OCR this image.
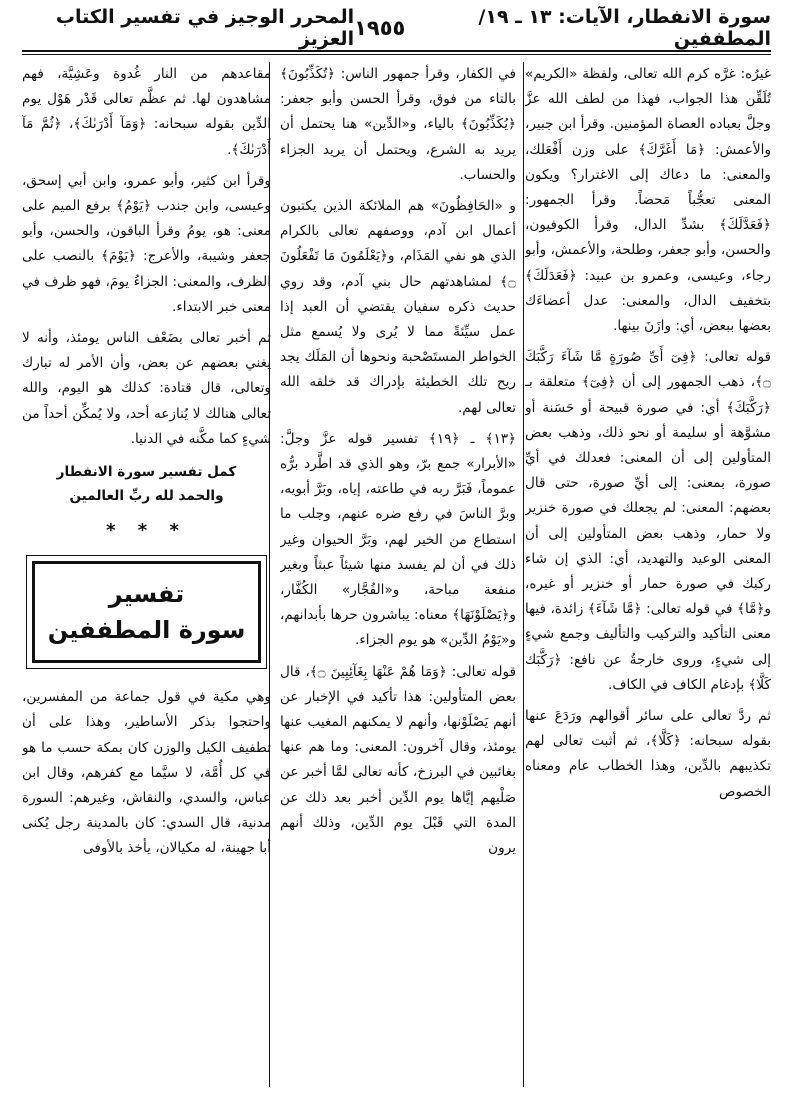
سورة الانفطار، الآيات: ١٣ ـ ١٩/ المطففين
١٩٥٥
المحرر الوجيز في تفسير الكتاب العزيز

غيرُه: غرَّه كرم الله تعالى، ولفظة «الكريم» تُلَقِّن هذا الجواب، فهذا من لطف الله عزَّ وجلَّ بعباده العصاة المؤمنين. وقرأ ابن جبير، والأعمش: ﴿مَا أَغَرَّكَ﴾ على وزن أَفْعَلك، والمعنى: ما دعاك إلى الاغترار؟ ويكون المعنى تعجُّباً مَحضاً. وقرأ الجمهور: ﴿فَعَدَّلَكَ﴾ بشدِّ الدال، وقرأ الكوفيون، والحسن، وأبو جعفر، وطلحة، والأعمش، وأبو رجاء، وعيسى، وعمرو بن عبيد: ﴿فَعَدَلَكَ﴾ بتخفيف الدال، والمعنى: عدل أعضاءَك بعضها ببعض، أي: وازَنَ بينها.

قوله تعالى: ﴿فِىٓ أَىِّ صُورَةٍ مَّا شَآءَ رَكَّبَكَ ۝﴾، ذهب الجمهور إلى أن ﴿فِىٓ﴾ متعلقة بـ ﴿رَكَّبَكَ﴾ أي: في صورة قبيحة أو حَسَنة أو مشوَّهة أو سليمة أو نحو ذلك، وذهب بعض المتأولين إلى أن المعنى: فعدلك في أيِّ صورة، بمعنى: إلى أيِّ صورة، حتى قال بعضهم: المعنى: لم يجعلك في صورة خنزير ولا حمار، وذهب بعض المتأولين إلى أن المعنى الوعيد والتهديد، أي: الذي إن شاء ركبك في صورة حمار أو خنزير أو غيره، و﴿مَّا﴾ في قوله تعالى: ﴿مَّا شَآءَ﴾ زائدة، فيها معنى التأكيد والتركيب والتأليف وجمع شيءٍ إلى شيءٍ، وروى خارجةُ عن نافع: ﴿رَكَّبَك كَلَّا﴾ بإدغام الكاف في الكاف.

ثم ردَّ تعالى على سائر أقوالهم ورَدَعَ عنها بقوله سبحانه: ﴿كَلَّا﴾، ثم أثبت تعالى لهم تكذيبهم بالدِّين، وهذا الخطاب عام ومعناه الخصوص

في الكفار، وقرأ جمهور الناس: ﴿تُكَذِّبُونَ﴾ بالتاء من فوق، وقرأ الحسن وأبو جعفر: ﴿يُكَذِّبُونَ﴾ بالياء، و«الدِّين» هنا يحتمل أن يريد به الشرع، ويحتمل أن يريد الجزاء والحساب.

و «الحَافِظُونَ» هم الملائكة الذين يكتبون أعمال ابن آدم، ووصفهم تعالى بالكرام الذي هو نفي المَذَام، و﴿يَعْلَمُونَ مَا تَفْعَلُونَ ۝﴾ لمشاهدتهم حال بني آدم، وقد روي حديث ذكره سفيان يقتضي أن العبد إذا عمل سيِّئةً مما لا يُرى ولا يُسمع مثل الخواطر المستَصْحبة ونحوها أن المَلَك يجد ريح تلك الخطيئة بإدراك قد خلقه الله تعالى لهم.

﴿١٣﴾ ـ ﴿١٩﴾ تفسير قوله عزَّ وجلَّ: «الأبرار» جمع برّ، وهو الذي قد اطَّرد برُّه عموماً، فَبَرَّ ربه في طاعته، إياه، وبَرَّ أبويه، وبرَّ الناسَ في رفع ضره عنهم، وجلب ما استطاع من الخير لهم، وبَرَّ الحيوان وغير ذلك في أن لم يفسد منها شيئاً عبثاً وبغير منفعة مباحة، و«الفُجَّار» الكُفَّار، و﴿يَصْلَوْنَهَا﴾ معناه: يباشرون حرها بأبدانهم، و«يَوْمُ الدِّين» هو يوم الجزاء.

قوله تعالى: ﴿وَمَا هُمْ عَنْهَا بِغَآئِبِينَ ۝﴾، قال بعض المتأولين: هذا تأكيد في الإخبار عن أنهم يَصْلَوْنها، وأنهم لا يمكنهم المغيب عنها يومئذ، وقال آخرون: المعنى: وما هم عنها بغائبين في البرزخ، كأنه تعالى لمَّا أخبر عن صَلْيهم إيَّاها يوم الدِّين أخبر بعد ذلك عن المدة التي قَبْلَ يوم الدِّين، وذلك أنهم يرون

مقاعدهم من النار غُدوة وعَشِيَّة، فهم مشاهدون لها. ثم عظَّم تعالى قَدْر هَوْل يوم الدِّين بقوله سبحانه: ﴿وَمَآ أَدْرَىٰكَ﴾، ﴿ثُمَّ مَآ أَدْرَىٰكَ﴾.

وقرأ ابن كثير، وأبو عمرو، وابن أبي إسحق، وعيسى، وابن جندب ﴿يَوْمُ﴾ برفع الميم على معنى: هو، يومُ وقرأ الباقون، والحسن، وأبو جعفر وشيبة، والأعرج: ﴿يَوْمَ﴾ بالنصب على الظرف، والمعنى: الجزاءُ يومَ، فهو ظرف في معنى خبر الابتداء.

ثم أخبر تعالى بضَعْف الناس يومئذ، وأنه لا يغني بعضهم عن بعض، وأن الأمر له تبارك وتعالى، قال قتادة: كذلك هو اليوم، والله تعالى هنالك لا يُنازعه أحد، ولا يُمكِّن أحداً من شيءٍ كما مكَّنه في الدنيا.

كمل تفسير سورة الانفطار
والحمد لله ربِّ العالمين
* * *
تفسير
سورة المطففين

وهي مكية في قول جماعة من المفسرين، واحتجوا بذكر الأساطير، وهذا على أن تطفيف الكيل والوزن كان بمكة حسب ما هو في كل أُمَّة، لا سيَّما مع كفرهم، وقال ابن عباس، والسدي، والنقاش، وغيرهم: السورة مدنية، قال السدي: كان بالمدينة رجل يُكنى أبا جهينة، له مكيالان، يأخذ بالأوفى
